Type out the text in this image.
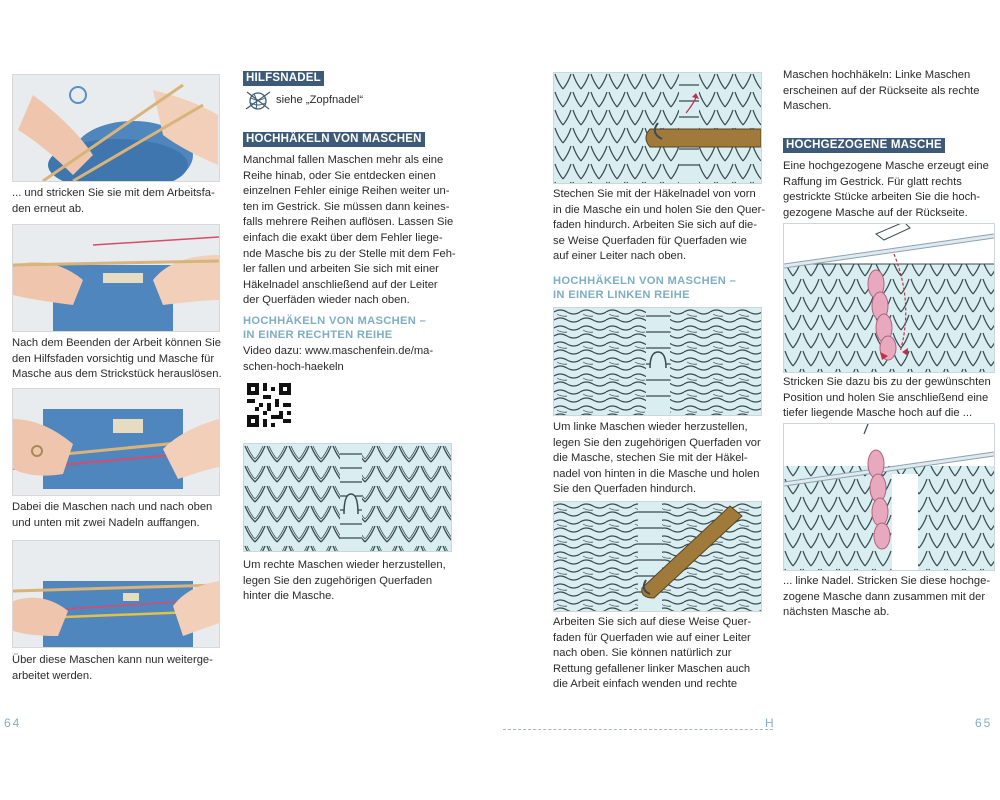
... und stricken Sie sie mit dem Arbeitsfa-
den erneut ab.
Nach dem Beenden der Arbeit können Sie
den Hilfsfaden vorsichtig und Masche für
Masche aus dem Strickstück herauslösen.
Dabei die Maschen nach und nach oben
und unten mit zwei Nadeln auffangen.
Über diese Maschen kann nun weiterge-
arbeitet werden.
HILFSNADEL
siehe „Zopfnadel“
HOCHHÄKELN VON MASCHEN
Manchmal fallen Maschen mehr als eine
Reihe hinab, oder Sie entdecken einen
einzelnen Fehler einige Reihen weiter un-
ten im Gestrick. Sie müssen dann keines-
falls mehrere Reihen auflösen. Lassen Sie
einfach die exakt über dem Fehler liege-
nde Masche bis zu der Stelle mit dem Feh-
ler fallen und arbeiten Sie sich mit einer
Häkelnadel anschließend auf der Leiter
der Querfäden wieder nach oben.
HOCHHÄKELN VON MASCHEN –
IN EINER RECHTEN REIHE
Video dazu: www.maschenfein.de/ma-
schen-hoch-haekeln
Um rechte Maschen wieder herzustellen,
legen Sie den zugehörigen Querfaden
hinter die Masche.
64
Stechen Sie mit der Häkelnadel von vorn
in die Masche ein und holen Sie den Quer-
faden hindurch. Arbeiten Sie sich auf die-
se Weise Querfaden für Querfaden wie
auf einer Leiter nach oben.
HOCHHÄKELN VON MASCHEN –
IN EINER LINKEN REIHE
Um linke Maschen wieder herzustellen,
legen Sie den zugehörigen Querfaden vor
die Masche, stechen Sie mit der Häkel-
nadel von hinten in die Masche und holen
Sie den Querfaden hindurch.
Arbeiten Sie sich auf diese Weise Quer-
faden für Querfaden wie auf einer Leiter
nach oben. Sie können natürlich zur
Rettung gefallener linker Maschen auch
die Arbeit einfach wenden und rechte
Maschen hochhäkeln: Linke Maschen
erscheinen auf der Rückseite als rechte
Maschen.
HOCHGEZOGENE MASCHE
Eine hochgezogene Masche erzeugt eine
Raffung im Gestrick. Für glatt rechts
gestrickte Stücke arbeiten Sie die hoch-
gezogene Masche auf der Rückseite.
Stricken Sie dazu bis zu der gewünschten
Position und holen Sie anschließend eine
tiefer liegende Masche hoch auf die ...
... linke Nadel. Stricken Sie diese hochge-
zogene Masche dann zusammen mit der
nächsten Masche ab.
H	65
